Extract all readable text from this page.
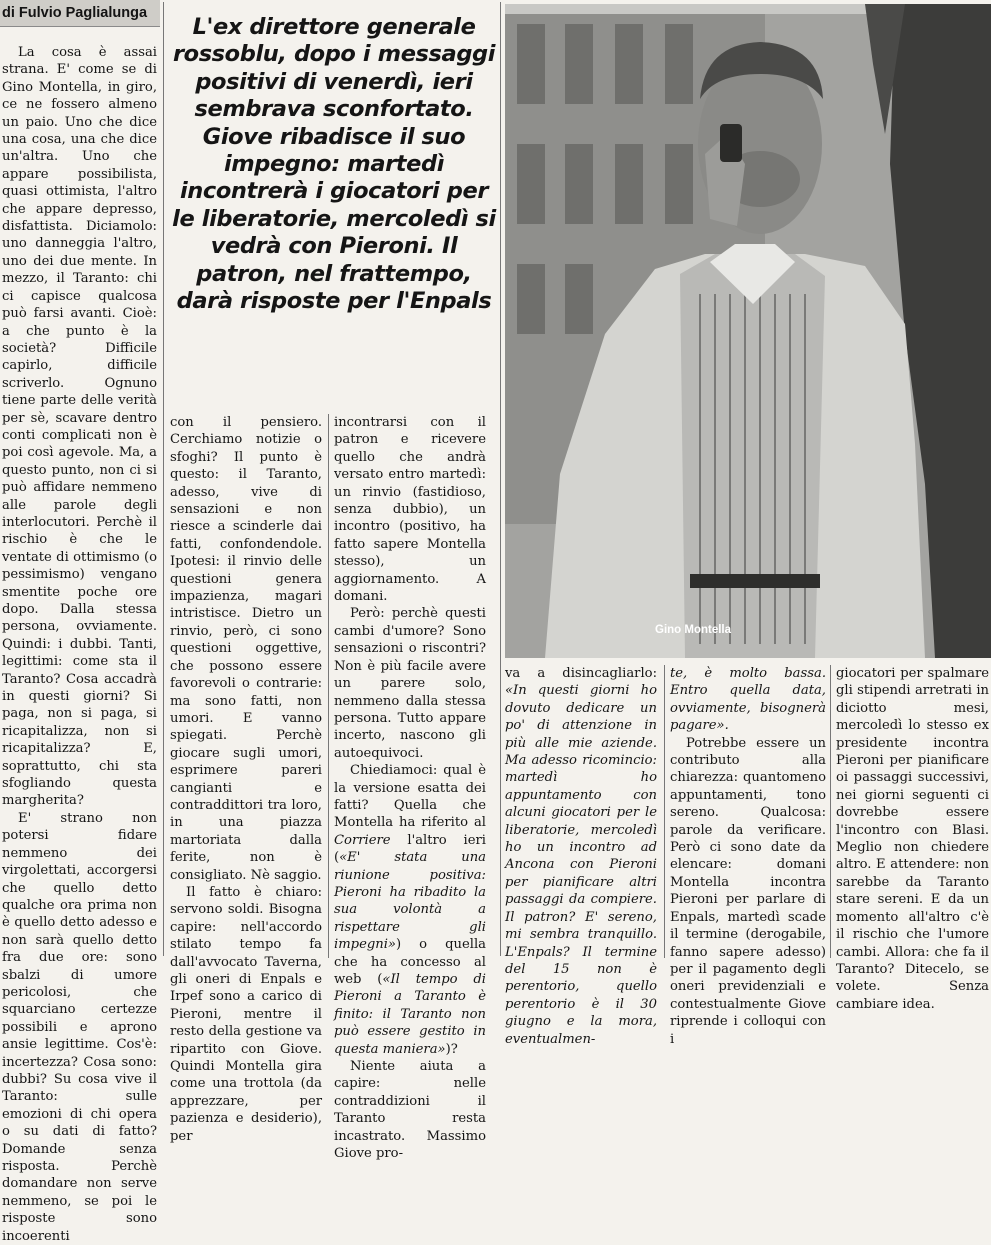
di Fulvio Paglialunga

La cosa è assai strana. E' come se di Gino Montella, in giro, ce ne fossero almeno un paio. Uno che dice una cosa, una che dice un'altra. Uno che appare possibilista, quasi ottimista, l'altro che appare depresso, disfattista. Diciamolo: uno danneggia l'altro, uno dei due mente. In mezzo, il Taranto: chi ci capisce qualcosa può farsi avanti. Cioè: a che punto è la società? Difficile capirlo, difficile scriverlo. Ognuno tiene parte delle verità per sè, scavare dentro conti complicati non è poi così agevole. Ma, a questo punto, non ci si può affidare nemmeno alle parole degli interlocutori. Perchè il rischio è che le ventate di ottimismo (o pessimismo) vengano smentite poche ore dopo. Dalla stessa persona, ovviamente. Quindi: i dubbi. Tanti, legittimi: come sta il Taranto? Cosa accadrà in questi giorni? Si paga, non si paga, si ricapitalizza, non si ricapitalizza? E, soprattutto, chi sta sfogliando questa margherita?

E' strano non potersi fidare nemmeno dei virgolettati, accorgersi che quello detto qualche ora prima non è quello detto adesso e non sarà quello detto fra due ore: sono sbalzi di umore pericolosi, che squarciano certezze possibili e aprono ansie legittime. Cos'è: incertezza? Cosa sono: dubbi? Su cosa vive il Taranto: sulle emozioni di chi opera o su dati di fatto? Domande senza risposta. Perchè domandare non serve nemmeno, se poi le risposte sono incoerenti

L'ex direttore generale rossoblu, dopo i messaggi positivi di venerdì, ieri sembrava sconfortato. Giove ribadisce il suo impegno: martedì incontrerà i giocatori per le liberatorie, mercoledì si vedrà con Pieroni. Il patron, nel frattempo, darà risposte per l'Enpals
Gino Montella

con il pensiero. Cerchiamo notizie o sfoghi? Il punto è questo: il Taranto, adesso, vive di sensazioni e non riesce a scinderle dai fatti, confondendole. Ipotesi: il rinvio delle questioni genera impazienza, magari intristisce. Dietro un rinvio, però, ci sono questioni oggettive, che possono essere favorevoli o contrarie: ma sono fatti, non umori. E vanno spiegati. Perchè giocare sugli umori, esprimere pareri cangianti e contraddittori tra loro, in una piazza martoriata dalla ferite, non è consigliato. Nè saggio.

Il fatto è chiaro: servono soldi. Bisogna capire: nell'accordo stilato tempo fa dall'avvocato Taverna, gli oneri di Enpals e Irpef sono a carico di Pieroni, mentre il resto della gestione va ripartito con Giove. Quindi Montella gira come una trottola (da apprezzare, per pazienza e desiderio), per

incontrarsi con il patron e ricevere quello che andrà versato entro martedì: un rinvio (fastidioso, senza dubbio), un incontro (positivo, ha fatto sapere Montella stesso), un aggiornamento. A domani.

Però: perchè questi cambi d'umore? Sono sensazioni o riscontri? Non è più facile avere un parere solo, nemmeno dalla stessa persona. Tutto appare incerto, nascono gli autoequivoci.

Chiediamoci: qual è la versione esatta dei fatti? Quella che Montella ha riferito al Corriere l'altro ieri («E' stata una riunione positiva: Pieroni ha ribadito la sua volontà a rispettare gli impegni») o quella che ha concesso al web («Il tempo di Pieroni a Taranto è finito: il Taranto non può essere gestito in questa maniera»)?

Niente aiuta a capire: nelle contraddizioni il Taranto resta incastrato. Massimo Giove pro-

va a disincagliarlo: «In questi giorni ho dovuto dedicare un po' di attenzione in più alle mie aziende. Ma adesso ricomincio: martedì ho appuntamento con alcuni giocatori per le liberatorie, mercoledì ho un incontro ad Ancona con Pieroni per pianificare altri passaggi da compiere. Il patron? E' sereno, mi sembra tranquillo. L'Enpals? Il termine del 15 non è perentorio, quello perentorio è il 30 giugno e la mora, eventualmen-

te, è molto bassa. Entro quella data, ovviamente, bisognerà pagare».

Potrebbe essere un contributo alla chiarezza: quantomeno appuntamenti, tono sereno. Qualcosa: parole da verificare. Però ci sono date da elencare: domani Montella incontra Pieroni per parlare di Enpals, martedì scade il termine (derogabile, fanno sapere adesso) per il pagamento degli oneri previdenziali e contestualmente Giove riprende i colloqui con i

giocatori per spalmare gli stipendi arretrati in diciotto mesi, mercoledì lo stesso ex presidente incontra Pieroni per pianificare oi passaggi successivi, nei giorni seguenti ci dovrebbe essere l'incontro con Blasi. Meglio non chiedere altro. E attendere: non sarebbe da Taranto stare sereni. E da un momento all'altro c'è il rischio che l'umore cambi. Allora: che fa il Taranto? Ditecelo, se volete. Senza cambiare idea.
